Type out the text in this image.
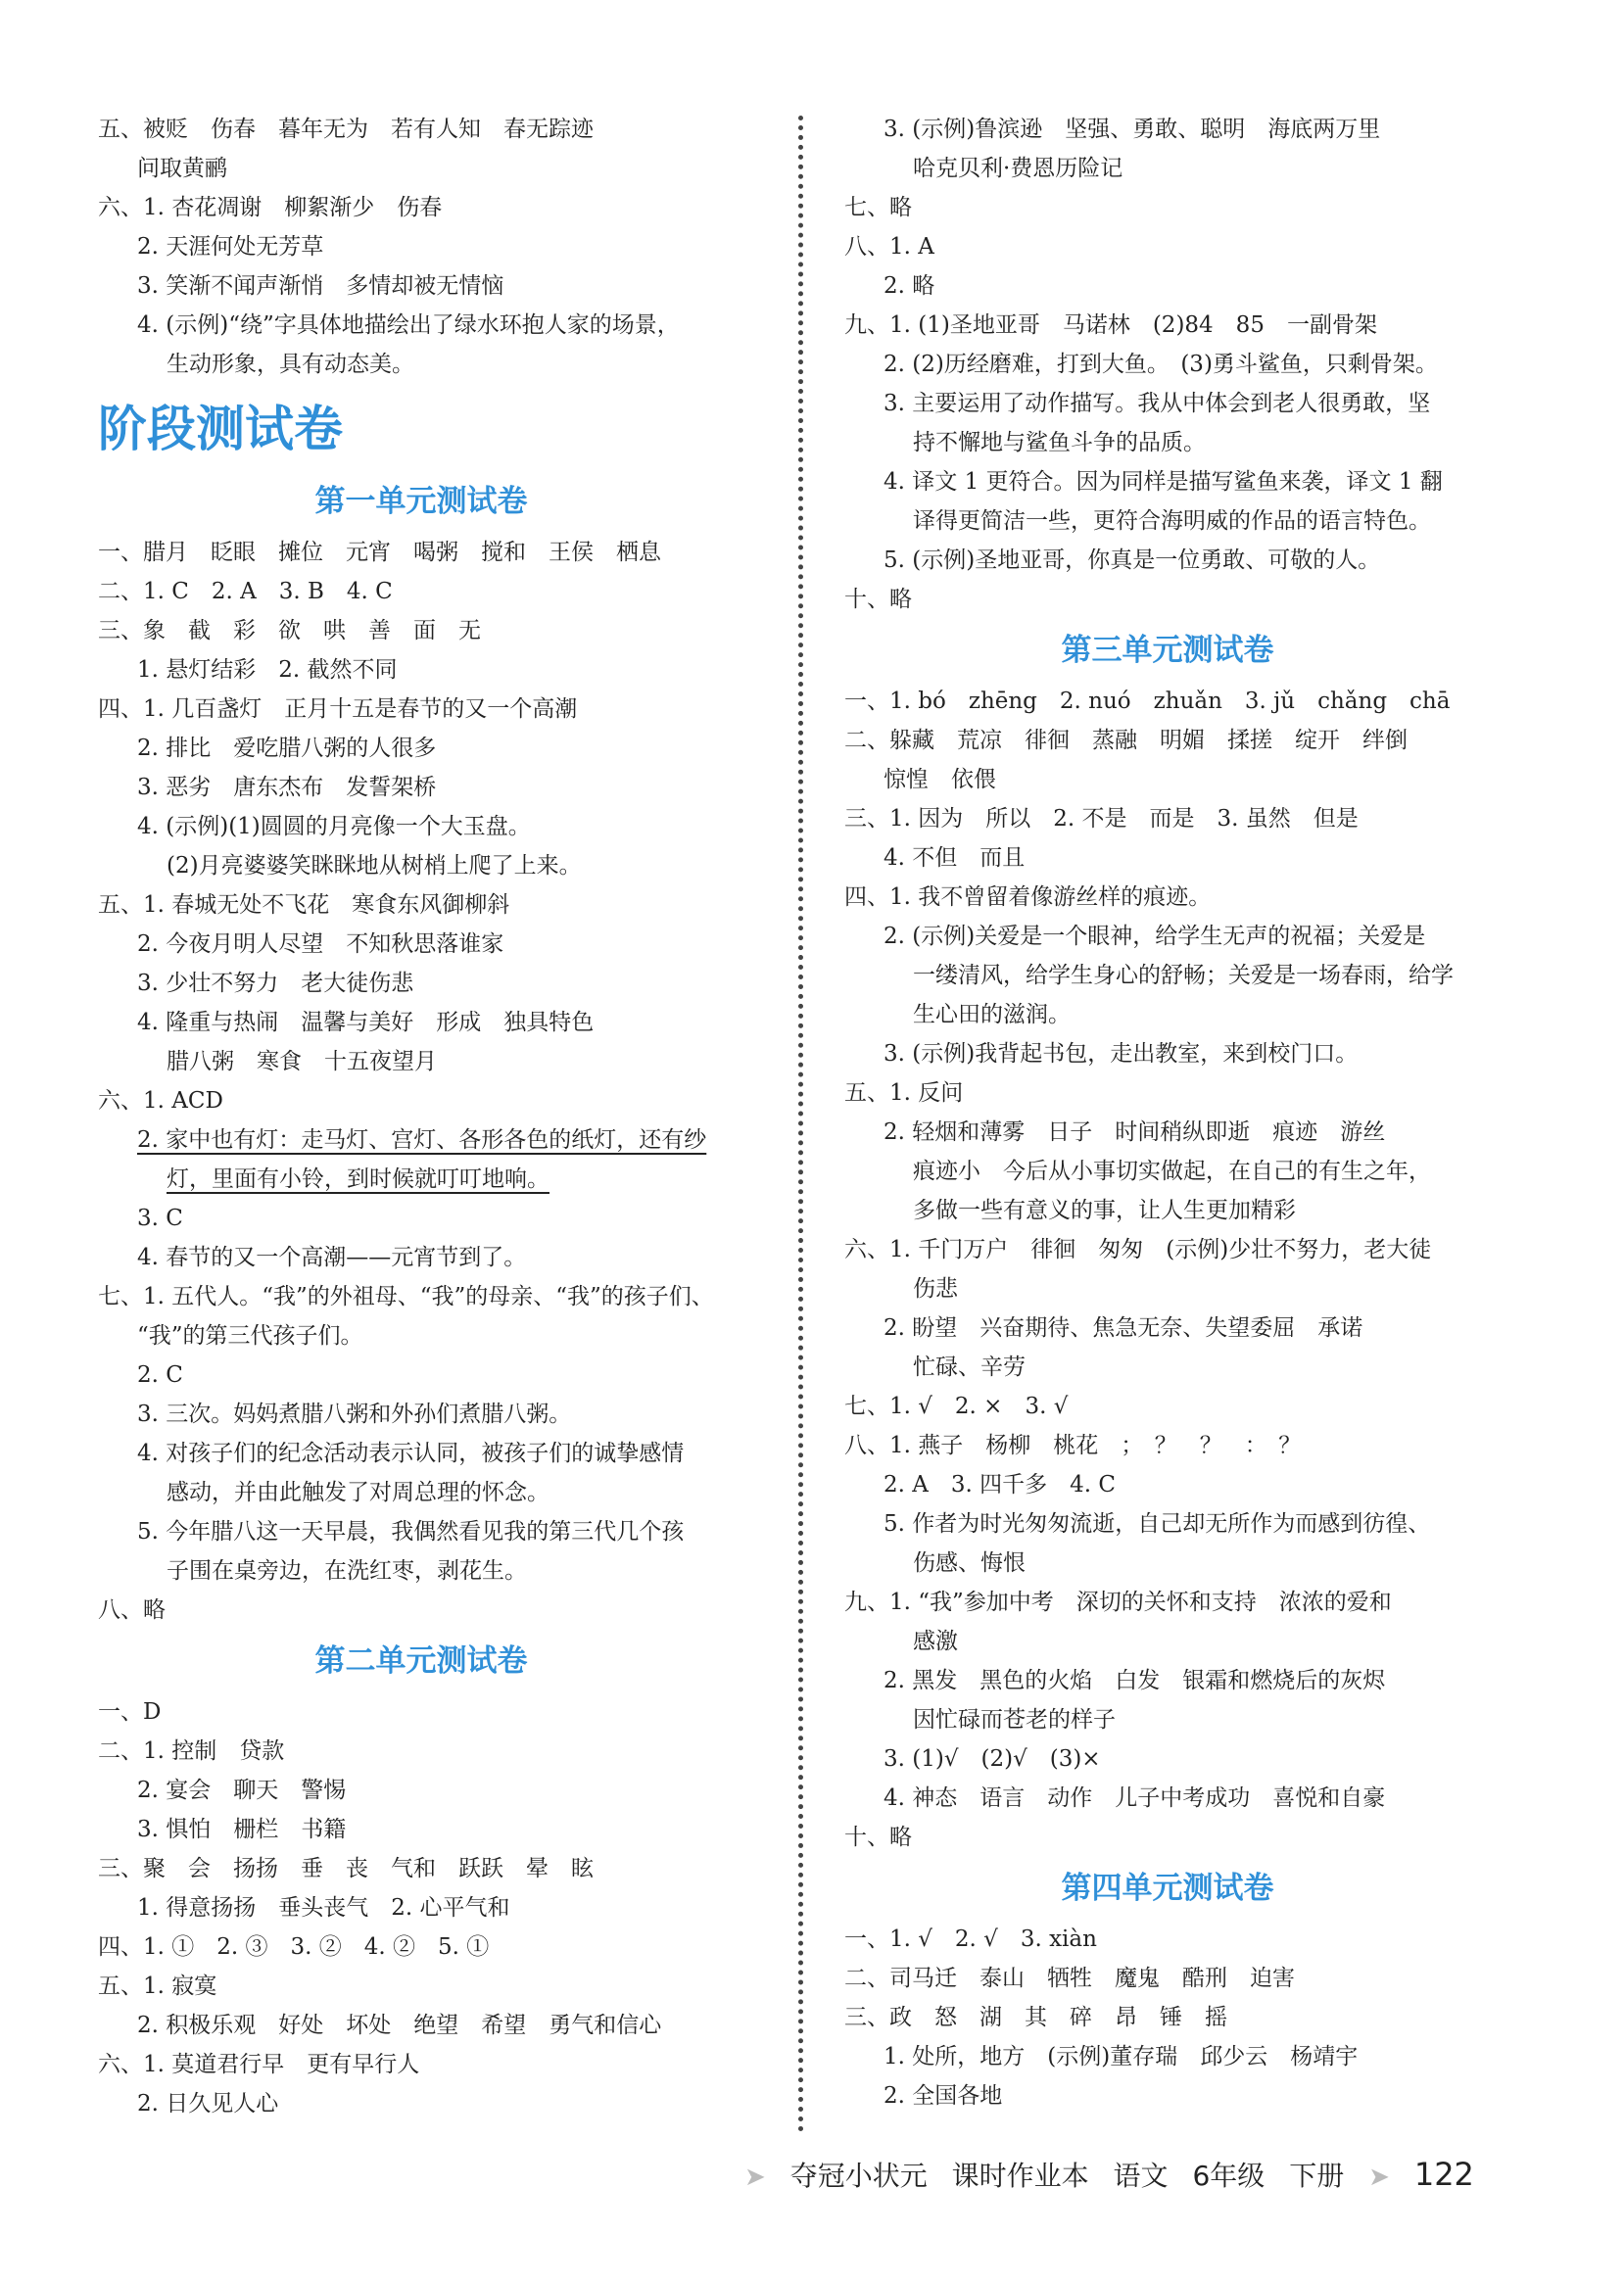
五、被贬　伤春　暮年无为　若有人知　春无踪迹
问取黄鹂
六、1. 杏花凋谢　柳絮渐少　伤春
2. 天涯何处无芳草
3. 笑渐不闻声渐悄　多情却被无情恼
4. (示例)“绕”字具体地描绘出了绿水环抱人家的场景，
生动形象，具有动态美。
阶段测试卷
第一单元测试卷
一、腊月　眨眼　摊位　元宵　喝粥　搅和　王侯　栖息
二、1. C　2. A　3. B　4. C
三、象　截　彩　欲　哄　善　面　无
1. 悬灯结彩　2. 截然不同
四、1. 几百盏灯　正月十五是春节的又一个高潮
2. 排比　爱吃腊八粥的人很多
3. 恶劣　唐东杰布　发誓架桥
4. (示例)(1)圆圆的月亮像一个大玉盘。
(2)月亮婆婆笑眯眯地从树梢上爬了上来。
五、1. 春城无处不飞花　寒食东风御柳斜
2. 今夜月明人尽望　不知秋思落谁家
3. 少壮不努力　老大徒伤悲
4. 隆重与热闹　温馨与美好　形成　独具特色
腊八粥　寒食　十五夜望月
六、1. ACD
2. 家中也有灯：走马灯、宫灯、各形各色的纸灯，还有纱
灯，里面有小铃，到时候就叮叮地响。
3. C
4. 春节的又一个高潮——元宵节到了。
七、1. 五代人。“我”的外祖母、“我”的母亲、“我”的孩子们、
“我”的第三代孩子们。
2. C
3. 三次。妈妈煮腊八粥和外孙们煮腊八粥。
4. 对孩子们的纪念活动表示认同，被孩子们的诚挚感情
感动，并由此触发了对周总理的怀念。
5. 今年腊八这一天早晨，我偶然看见我的第三代几个孩
子围在桌旁边，在洗红枣，剥花生。
八、略
第二单元测试卷
一、D
二、1. 控制　贷款
2. 宴会　聊天　警惕
3. 惧怕　栅栏　书籍
三、聚　会　扬扬　垂　丧　气和　跃跃　晕　眩
1. 得意扬扬　垂头丧气　2. 心平气和
四、1. ①　2. ③　3. ②　4. ②　5. ①
五、1. 寂寞
2. 积极乐观　好处　坏处　绝望　希望　勇气和信心
六、1. 莫道君行早　更有早行人
2. 日久见人心
3. (示例)鲁滨逊　坚强、勇敢、聪明　海底两万里
哈克贝利·费恩历险记
七、略
八、1. A
2. 略
九、1. (1)圣地亚哥　马诺林　(2)84　85　一副骨架
2. (2)历经磨难，打到大鱼。　(3)勇斗鲨鱼，只剩骨架。
3. 主要运用了动作描写。我从中体会到老人很勇敢，坚
持不懈地与鲨鱼斗争的品质。
4. 译文 1 更符合。因为同样是描写鲨鱼来袭，译文 1 翻
译得更简洁一些，更符合海明威的作品的语言特色。
5. (示例)圣地亚哥，你真是一位勇敢、可敬的人。
十、略
第三单元测试卷
一、1. bó　zhēng　2. nuó　zhuǎn　3. jǔ　chǎng　chā
二、躲藏　荒凉　徘徊　蒸融　明媚　揉搓　绽开　绊倒
惊惶　依偎
三、1. 因为　所以　2. 不是　而是　3. 虽然　但是
4. 不但　而且
四、1. 我不曾留着像游丝样的痕迹。
2. (示例)关爱是一个眼神，给学生无声的祝福；关爱是
一缕清风，给学生身心的舒畅；关爱是一场春雨，给学
生心田的滋润。
3. (示例)我背起书包，走出教室，来到校门口。
五、1. 反问
2. 轻烟和薄雾　日子　时间稍纵即逝　痕迹　游丝
痕迹小　今后从小事切实做起，在自己的有生之年，
多做一些有意义的事，让人生更加精彩
六、1. 千门万户　徘徊　匆匆　(示例)少壮不努力，老大徒
伤悲
2. 盼望　兴奋期待、焦急无奈、失望委屈　承诺
忙碌、辛劳
七、1. √　2. ×　3. √
八、1. 燕子　杨柳　桃花　；　？　？　：　？
2. A　3. 四千多　4. C
5. 作者为时光匆匆流逝，自己却无所作为而感到彷徨、
伤感、悔恨
九、1. “我”参加中考　深切的关怀和支持　浓浓的爱和
感激
2. 黑发　黑色的火焰　白发　银霜和燃烧后的灰烬
因忙碌而苍老的样子
3. (1)√　(2)√　(3)×
4. 神态　语言　动作　儿子中考成功　喜悦和自豪
十、略
第四单元测试卷
一、1. √　2. √　3. xiàn
二、司马迁　泰山　牺牲　魔鬼　酷刑　迫害
三、政　怒　湖　其　碎　昂　锤　摇
1. 处所，地方　(示例)董存瑞　邱少云　杨靖宇
2. 全国各地
➤ 夺冠小状元 课时作业本 语文 6年级 下册 ➤ 122
